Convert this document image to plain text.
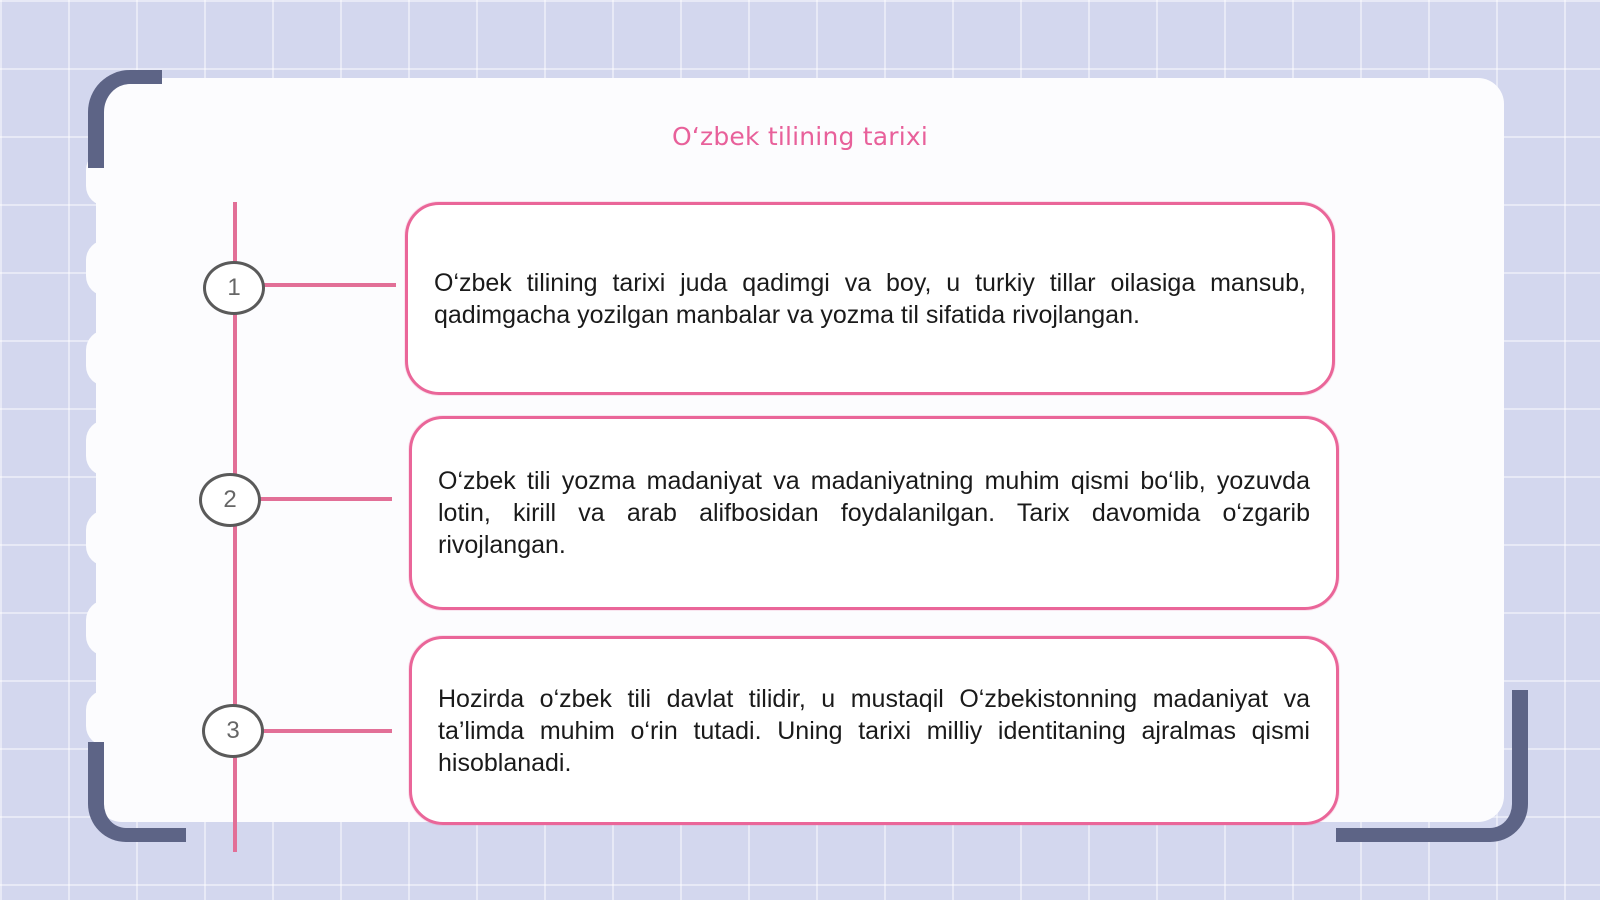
Oʻzbek tilining tarixi
1
2
3

O‘zbek tilining tarixi juda qadimgi va boy, u turkiy tillar oilasiga mansub, qadimgacha yozilgan manbalar va yozma til sifatida rivojlangan.

O‘zbek tili yozma madaniyat va madaniyatning muhim qismi bo‘lib, yozuvda lotin, kirill va arab alifbosidan foydalanilgan. Tarix davomida o‘zgarib rivojlangan.

Hozirda o‘zbek tili davlat tilidir, u mustaqil O‘zbekistonning madaniyat va ta’limda muhim o‘rin tutadi. Uning tarixi milliy identitaning ajralmas qismi hisoblanadi.
